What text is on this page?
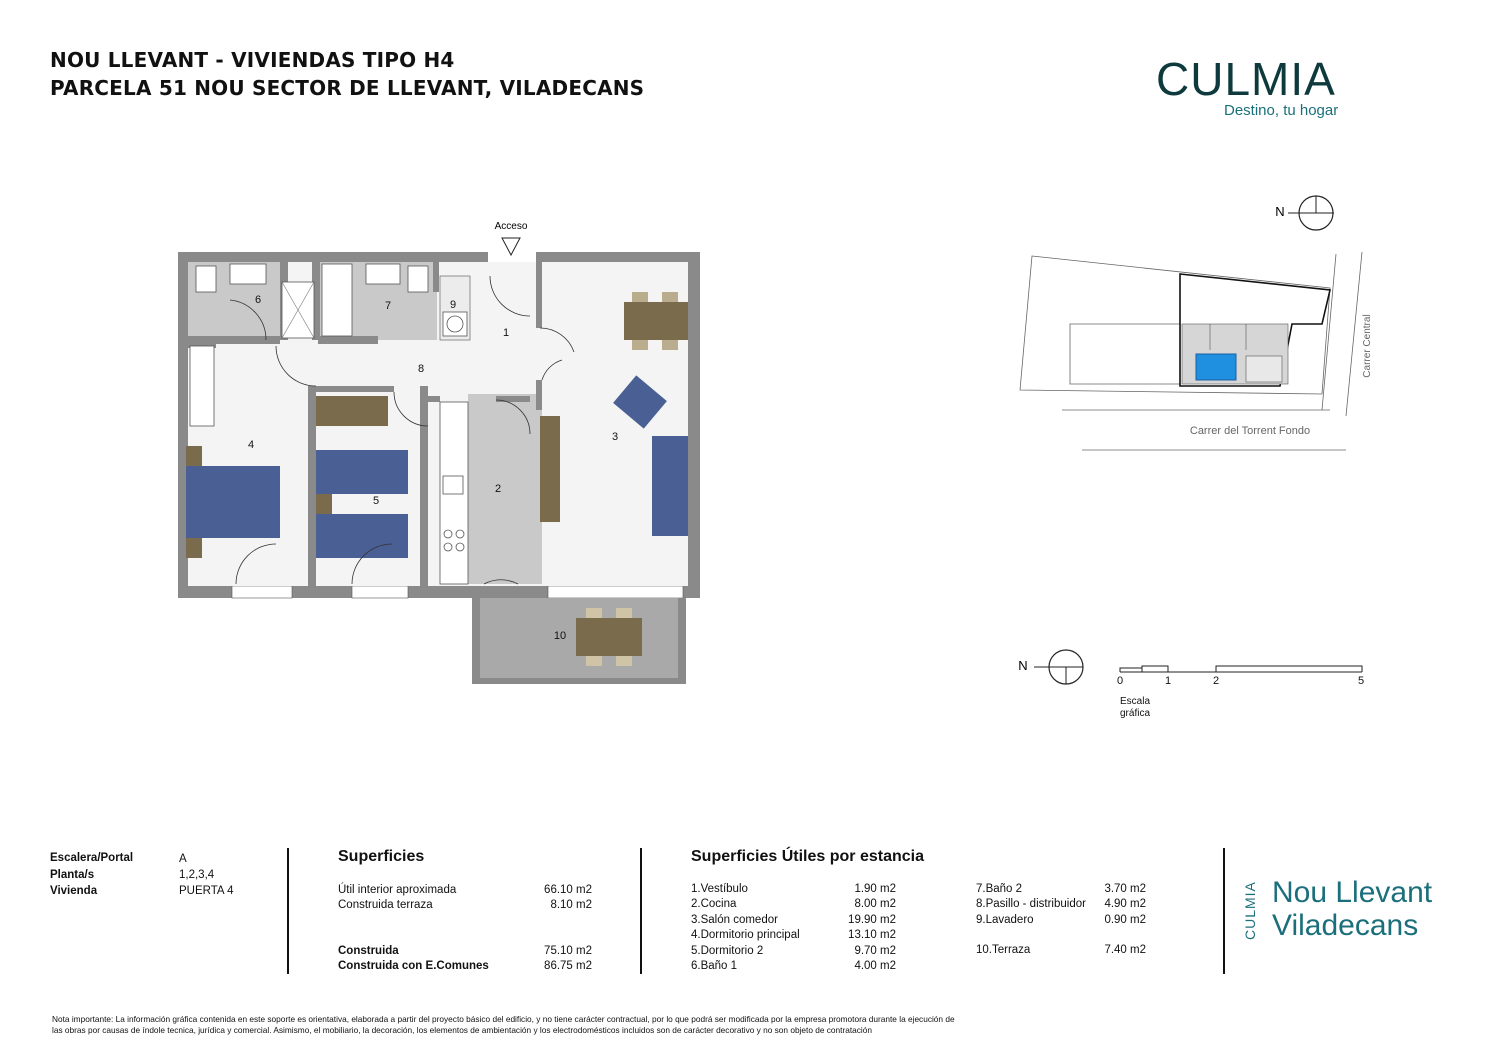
NOU LLEVANT - VIVIENDAS TIPO H4
PARCELA 51 NOU SECTOR DE LLEVANT, VILADECANS	CULMIA
Destino, tu hogar
Acceso
1
2
3
4
5
6	7
8
9
10
N
Carrer Central
Carrer del Torrent Fondo
N
0	1	2	5
Escala
gráfica
Escalera/Portal	A
Planta/s	1,2,3,4
Vivienda	PUERTA 4
Superficies
Útil interior aproximada	66.10 m2
Construida terraza	8.10 m2
Construida	75.10 m2
Construida con E.Comunes	86.75 m2
Superficies Útiles por estancia
1.Vestíbulo	1.90 m2
2.Cocina	8.00 m2
3.Salón comedor	19.90 m2
4.Dormitorio principal	13.10 m2
5.Dormitorio 2	9.70 m2
6.Baño 1	4.00 m2
7.Baño 2	3.70 m2
8.Pasillo - distribuidor	4.90 m2
9.Lavadero	0.90 m2
10.Terraza	7.40 m2
CULMIA Nou Llevant
Viladecans
Nota importante: La información gráfica contenida en este soporte es orientativa, elaborada a partir del proyecto básico del edificio, y no tiene carácter contractual, por lo que podrá ser modificada por la empresa promotora durante la ejecución de
las obras por causas de índole tecnica, jurídica y comercial. Asimismo, el mobiliario, la decoración, los elementos de ambientación y los electrodomésticos incluidos son de carácter decorativo y no son objeto de contratación
